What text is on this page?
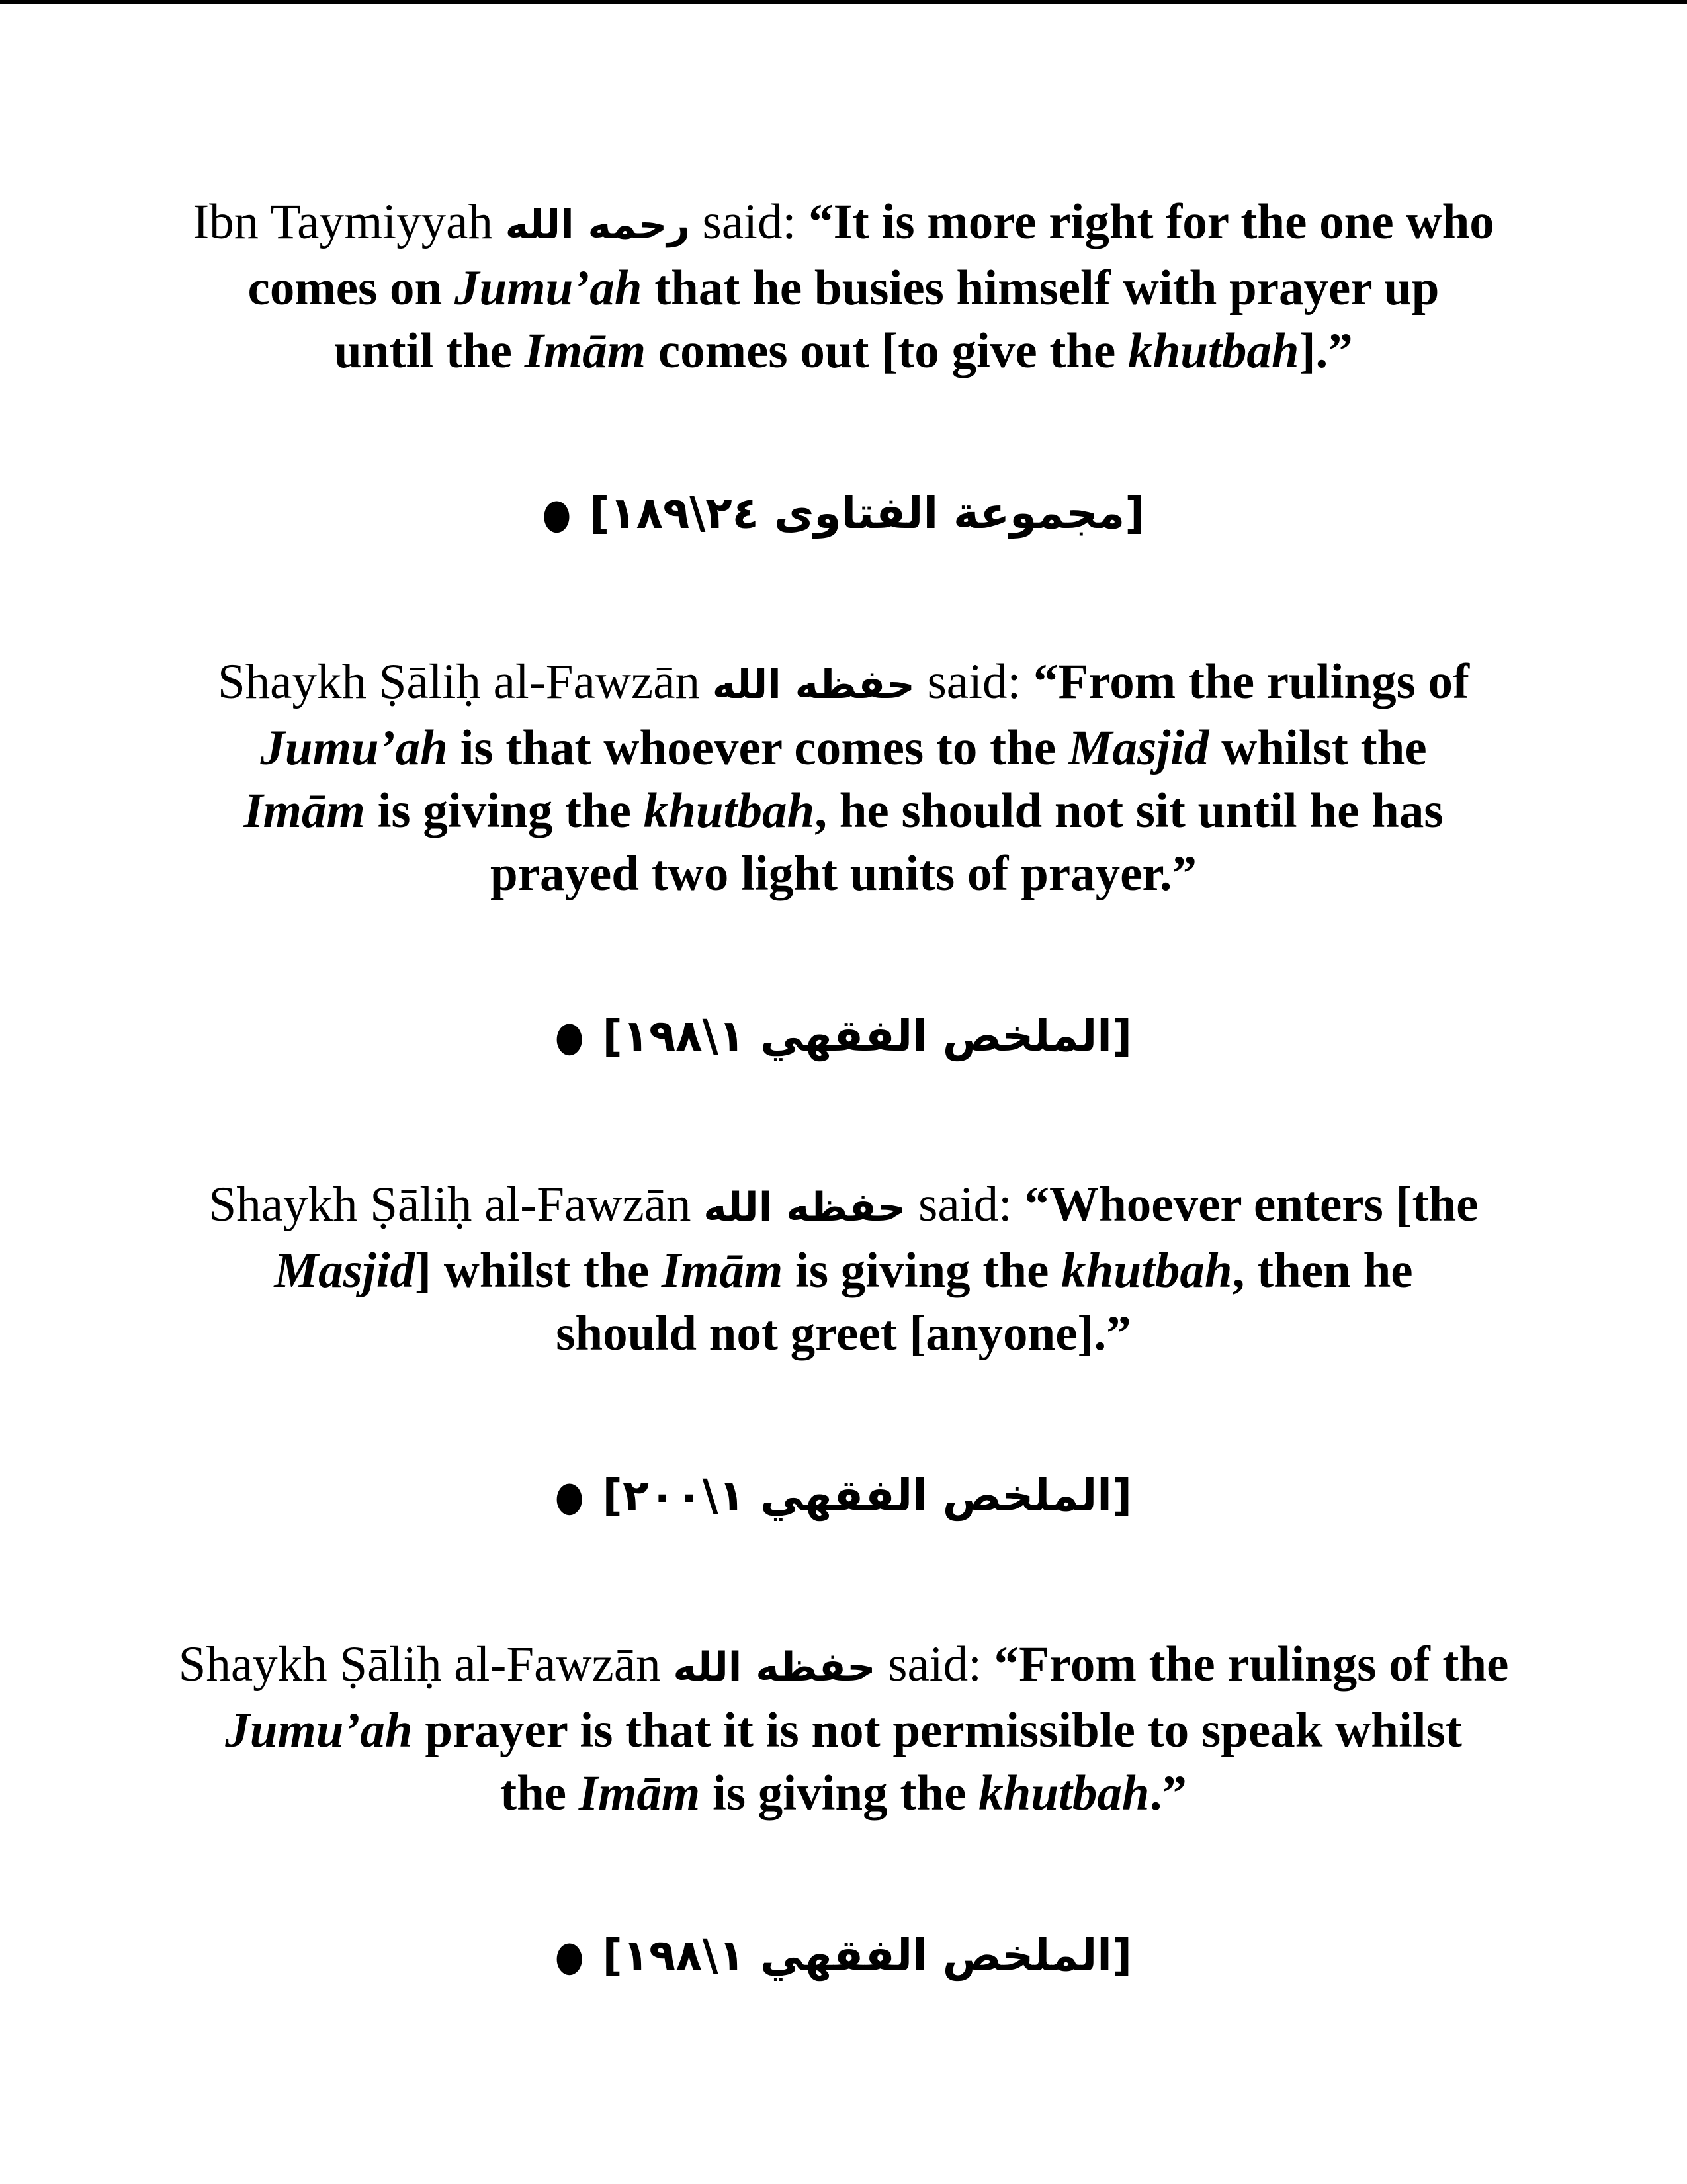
Ibn Taymiyyah رحمه الله said: “It is more right for the one who
comes on Jumu’ah that he busies himself with prayer up
until the Imām comes out [to give the khutbah].”
● [مجموعة الفتاوى ٢٤\١٨٩]
Shaykh Ṣāliḥ al-Fawzān حفظه الله said: “From the rulings of
Jumu’ah is that whoever comes to the Masjid whilst the
Imām is giving the khutbah, he should not sit until he has
prayed two light units of prayer.”
● [الملخص الفقهي ١\١٩٨]
Shaykh Ṣāliḥ al-Fawzān حفظه الله said: “Whoever enters [the
Masjid] whilst the Imām is giving the khutbah, then he
should not greet [anyone].”
● [الملخص الفقهي ١\٢٠٠]
Shaykh Ṣāliḥ al-Fawzān حفظه الله said: “From the rulings of the
Jumu’ah prayer is that it is not permissible to speak whilst
the Imām is giving the khutbah.”
● [الملخص الفقهي ١\١٩٨]
